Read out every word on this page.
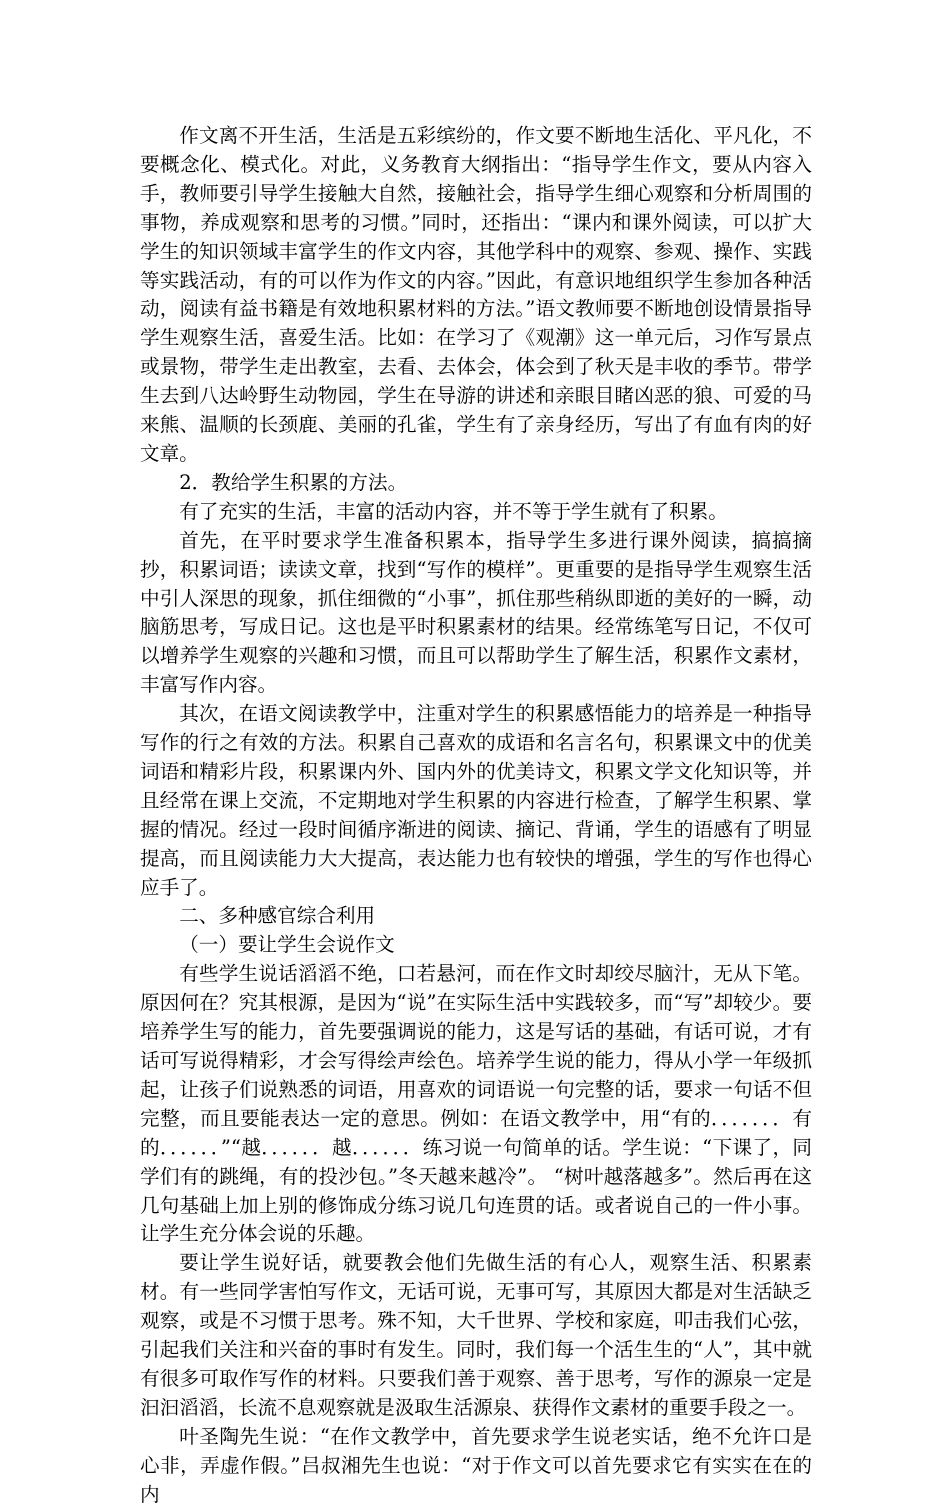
作文离不开生活，生活是五彩缤纷的，作文要不断地生活化、平凡化，不要概念化、模式化。对此，义务教育大纲指出：“指导学生作文，要从内容入手，教师要引导学生接触大自然，接触社会，指导学生细心观察和分析周围的事物，养成观察和思考的习惯。”同时，还指出：“课内和课外阅读，可以扩大学生的知识领域丰富学生的作文内容，其他学科中的观察、参观、操作、实践等实践活动，有的可以作为作文的内容。”因此，有意识地组织学生参加各种活动，阅读有益书籍是有效地积累材料的方法。”语文教师要不断地创设情景指导学生观察生活，喜爱生活。比如：在学习了《观潮》这一单元后，习作写景点或景物，带学生走出教室，去看、去体会，体会到了秋天是丰收的季节。带学生去到八达岭野生动物园，学生在导游的讲述和亲眼目睹凶恶的狼、可爱的马来熊、温顺的长颈鹿、美丽的孔雀，学生有了亲身经历，写出了有血有肉的好文章。

2．教给学生积累的方法。

有了充实的生活，丰富的活动内容，并不等于学生就有了积累。

首先，在平时要求学生准备积累本，指导学生多进行课外阅读，搞搞摘抄，积累词语；读读文章，找到“写作的模样”。更重要的是指导学生观察生活中引人深思的现象，抓住细微的“小事”，抓住那些稍纵即逝的美好的一瞬，动脑筋思考，写成日记。这也是平时积累素材的结果。经常练笔写日记，不仅可以增养学生观察的兴趣和习惯，而且可以帮助学生了解生活，积累作文素材，丰富写作内容。

其次，在语文阅读教学中，注重对学生的积累感悟能力的培养是一种指导写作的行之有效的方法。积累自己喜欢的成语和名言名句，积累课文中的优美词语和精彩片段，积累课内外、国内外的优美诗文，积累文学文化知识等，并且经常在课上交流，不定期地对学生积累的内容进行检查，了解学生积累、掌握的情况。经过一段时间循序渐进的阅读、摘记、背诵，学生的语感有了明显提高，而且阅读能力大大提高，表达能力也有较快的增强，学生的写作也得心应手了。

二、多种感官综合利用

（一）要让学生会说作文

有些学生说话滔滔不绝，口若悬河，而在作文时却绞尽脑汁，无从下笔。原因何在？究其根源，是因为“说”在实际生活中实践较多，而“写”却较少。要培养学生写的能力，首先要强调说的能力，这是写话的基础，有话可说，才有话可写说得精彩，才会写得绘声绘色。培养学生说的能力，得从小学一年级抓起，让孩子们说熟悉的词语，用喜欢的词语说一句完整的话，要求一句话不但完整，而且要能表达一定的意思。例如：在语文教学中，用“有的．．．．．．．有的．．．．．．”“越．．．．．．越．．．．．．练习说一句简单的话。学生说：“下课了，同学们有的跳绳，有的投沙包。”冬天越来越冷”。 “树叶越落越多”。然后再在这几句基础上加上别的修饰成分练习说几句连贯的话。或者说自己的一件小事。让学生充分体会说的乐趣。

要让学生说好话，就要教会他们先做生活的有心人，观察生活、积累素材。有一些同学害怕写作文，无话可说，无事可写，其原因大都是对生活缺乏观察，或是不习惯于思考。殊不知，大千世界、学校和家庭，叩击我们心弦，引起我们关注和兴奋的事时有发生。同时，我们每一个活生生的“人”，其中就有很多可取作写作的材料。只要我们善于观察、善于思考，写作的源泉一定是汩汩滔滔，长流不息观察就是汲取生活源泉、获得作文素材的重要手段之一。

叶圣陶先生说：“在作文教学中，首先要求学生说老实话，绝不允许口是心非，弄虚作假。”吕叔湘先生也说：“对于作文可以首先要求它有实实在在的内
